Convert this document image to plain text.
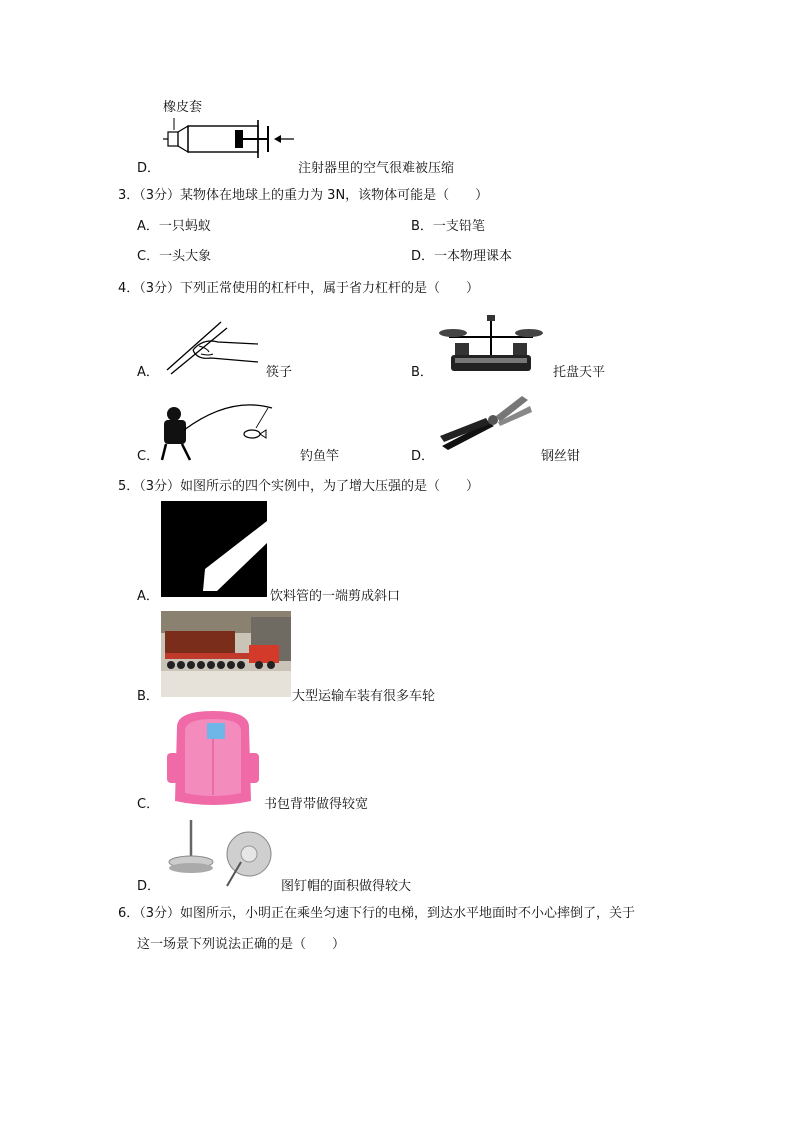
橡皮套
D．	注射器里的空气很难被压缩
3．（3分）某物体在地球上的重力为 3N，该物体可能是（　　）
A．一只蚂蚁	B．一支铅笔
C．一头大象	D．一本物理课本
4．（3分）下列正常使用的杠杆中，属于省力杠杆的是（　　）
A．	筷子	B．	托盘天平
C．	钓鱼竿	D．	钢丝钳
5．（3分）如图所示的四个实例中，为了增大压强的是（　　）
A．	饮料管的一端剪成斜口
B．	大型运输车装有很多车轮
C．	书包背带做得较宽
D．	图钉帽的面积做得较大
6．（3分）如图所示，小明正在乘坐匀速下行的电梯，到达水平地面时不小心摔倒了，关于
这一场景下列说法正确的是（　　）
